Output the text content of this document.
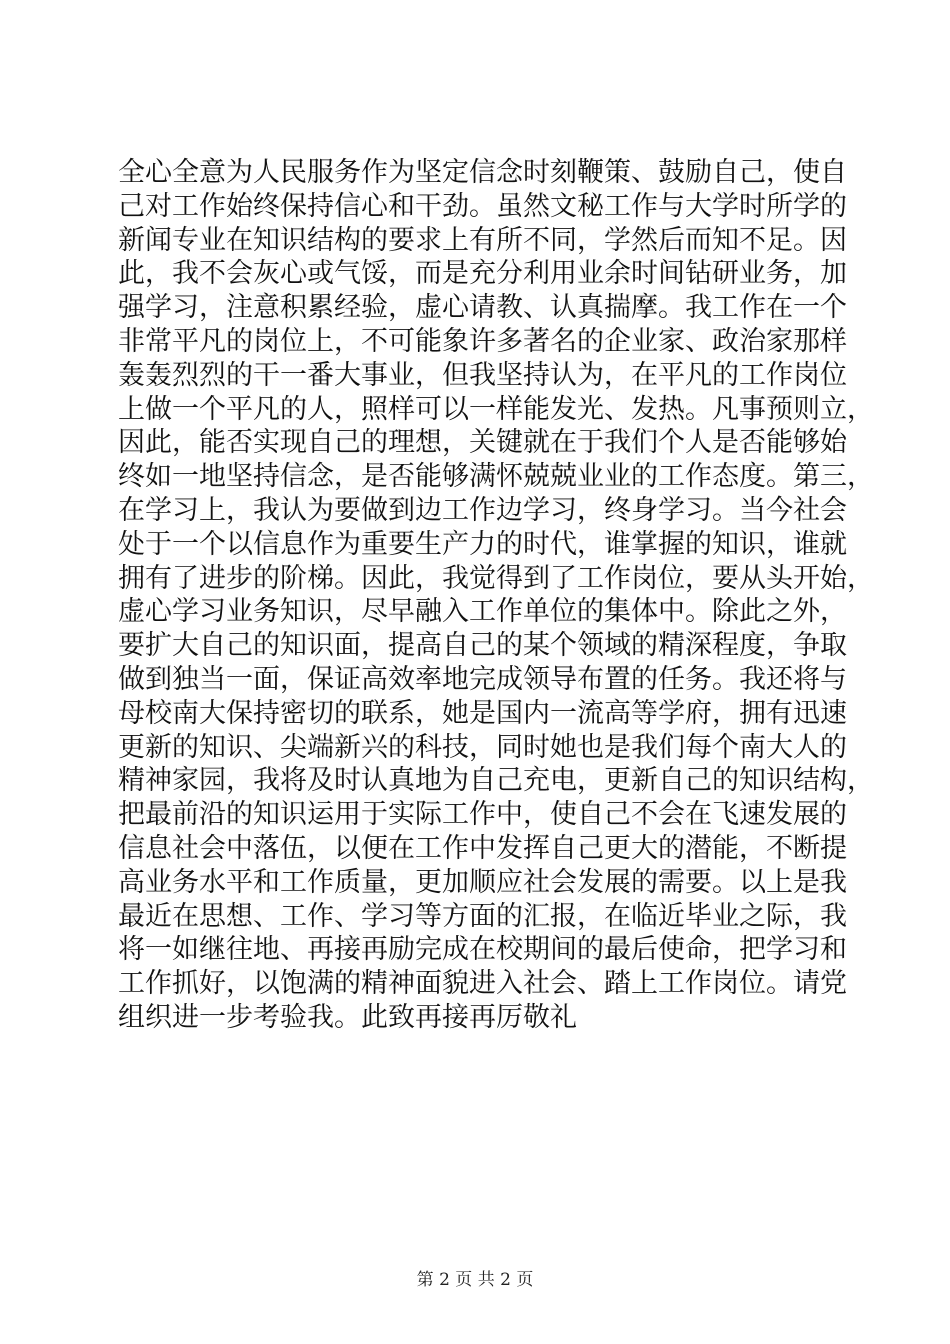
全心全意为人民服务作为坚定信念时刻鞭策、鼓励自己，使自
己对工作始终保持信心和干劲。虽然文秘工作与大学时所学的
新闻专业在知识结构的要求上有所不同，学然后而知不足。因
此，我不会灰心或气馁，而是充分利用业余时间钻研业务，加
强学习，注意积累经验，虚心请教、认真揣摩。我工作在一个
非常平凡的岗位上，不可能象许多著名的企业家、政治家那样
轰轰烈烈的干一番大事业，但我坚持认为，在平凡的工作岗位
上做一个平凡的人，照样可以一样能发光、发热。凡事预则立，
因此，能否实现自己的理想，关键就在于我们个人是否能够始
终如一地坚持信念，是否能够满怀兢兢业业的工作态度。第三，
在学习上，我认为要做到边工作边学习，终身学习。当今社会
处于一个以信息作为重要生产力的时代，谁掌握的知识，谁就
拥有了进步的阶梯。因此，我觉得到了工作岗位，要从头开始，
虚心学习业务知识，尽早融入工作单位的集体中。除此之外，
要扩大自己的知识面，提高自己的某个领域的精深程度，争取
做到独当一面，保证高效率地完成领导布置的任务。我还将与
母校南大保持密切的联系，她是国内一流高等学府，拥有迅速
更新的知识、尖端新兴的科技，同时她也是我们每个南大人的
精神家园，我将及时认真地为自己充电，更新自己的知识结构，
把最前沿的知识运用于实际工作中，使自己不会在飞速发展的
信息社会中落伍，以便在工作中发挥自己更大的潜能，不断提
高业务水平和工作质量，更加顺应社会发展的需要。以上是我
最近在思想、工作、学习等方面的汇报，在临近毕业之际，我
将一如继往地、再接再励完成在校期间的最后使命，把学习和
工作抓好，以饱满的精神面貌进入社会、踏上工作岗位。请党
组织进一步考验我。此致再接再厉敬礼
第 2 页 共 2 页
